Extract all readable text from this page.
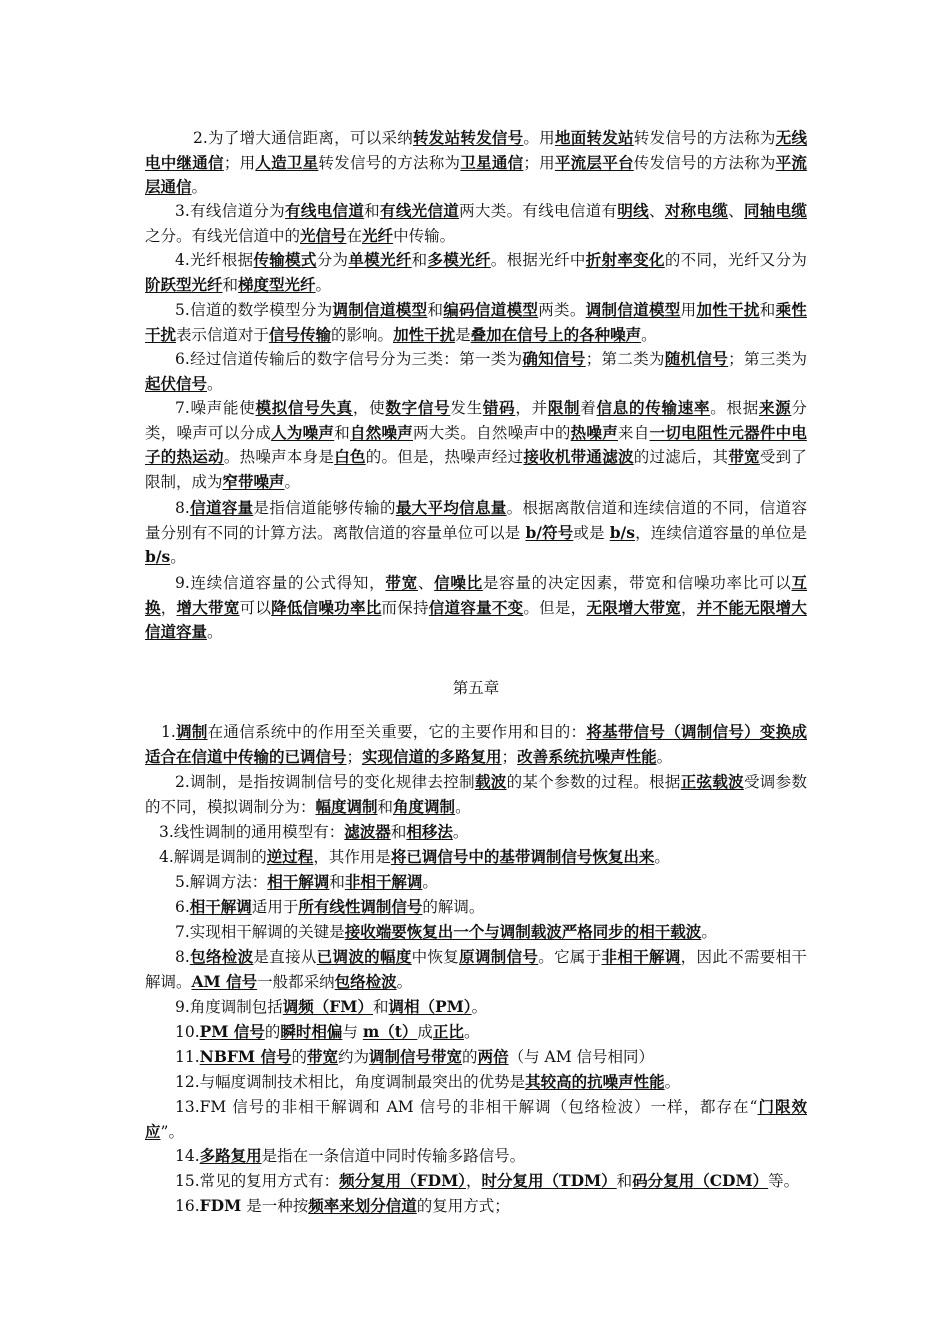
2.为了增大通信距离，可以采纳转发站转发信号。用地面转发站转发信号的方法称为无线电中继通信；用人造卫星转发信号的方法称为卫星通信；用平流层平台传发信号的方法称为平流层通信。

3.有线信道分为有线电信道和有线光信道两大类。有线电信道有明线、对称电缆、同轴电缆之分。有线光信道中的光信号在光纤中传输。

4.光纤根据传输模式分为单模光纤和多模光纤。根据光纤中折射率变化的不同，光纤又分为阶跃型光纤和梯度型光纤。

5.信道的数学模型分为调制信道模型和编码信道模型两类。调制信道模型用加性干扰和乘性干扰表示信道对于信号传输的影响。加性干扰是叠加在信号上的各种噪声。

6.经过信道传输后的数字信号分为三类：第一类为确知信号；第二类为随机信号；第三类为起伏信号。

7.噪声能使模拟信号失真，使数字信号发生错码，并限制着信息的传输速率。根据来源分类，噪声可以分成人为噪声和自然噪声两大类。自然噪声中的热噪声来自一切电阻性元器件中电子的热运动。热噪声本身是白色的。但是，热噪声经过接收机带通滤波的过滤后，其带宽受到了限制，成为窄带噪声。

8.信道容量是指信道能够传输的最大平均信息量。根据离散信道和连续信道的不同，信道容量分别有不同的计算方法。离散信道的容量单位可以是 b/符号或是 b/s，连续信道容量的单位是 b/s。

9.连续信道容量的公式得知，带宽、信噪比是容量的决定因素，带宽和信噪功率比可以互换，增大带宽可以降低信噪功率比而保持信道容量不变。但是，无限增大带宽，并不能无限增大信道容量。

1.调制在通信系统中的作用至关重要，它的主要作用和目的：将基带信号（调制信号）变换成适合在信道中传输的已调信号；实现信道的多路复用；改善系统抗噪声性能。

2.调制，是指按调制信号的变化规律去控制载波的某个参数的过程。根据正弦载波受调参数的不同，模拟调制分为：幅度调制和角度调制。

3.线性调制的通用模型有：滤波器和相移法。

4.解调是调制的逆过程，其作用是将已调信号中的基带调制信号恢复出来。

5.解调方法：相干解调和非相干解调。

6.相干解调适用于所有线性调制信号的解调。

7.实现相干解调的关键是接收端要恢复出一个与调制载波严格同步的相干载波。

8.包络检波是直接从已调波的幅度中恢复原调制信号。它属于非相干解调，因此不需要相干解调。AM 信号一般都采纳包络检波。

9.角度调制包括调频（FM）和调相（PM）。

10.PM 信号的瞬时相偏与 m（t）成正比。

11.NBFM 信号的带宽约为调制信号带宽的两倍（与 AM 信号相同）

12.与幅度调制技术相比，角度调制最突出的优势是其较高的抗噪声性能。

13.FM 信号的非相干解调和 AM 信号的非相干解调（包络检波）一样，都存在“门限效应”。

14.多路复用是指在一条信道中同时传输多路信号。

15.常见的复用方式有：频分复用（FDM），时分复用（TDM）和码分复用（CDM）等。

16.FDM 是一种按频率来划分信道的复用方式；

第五章
